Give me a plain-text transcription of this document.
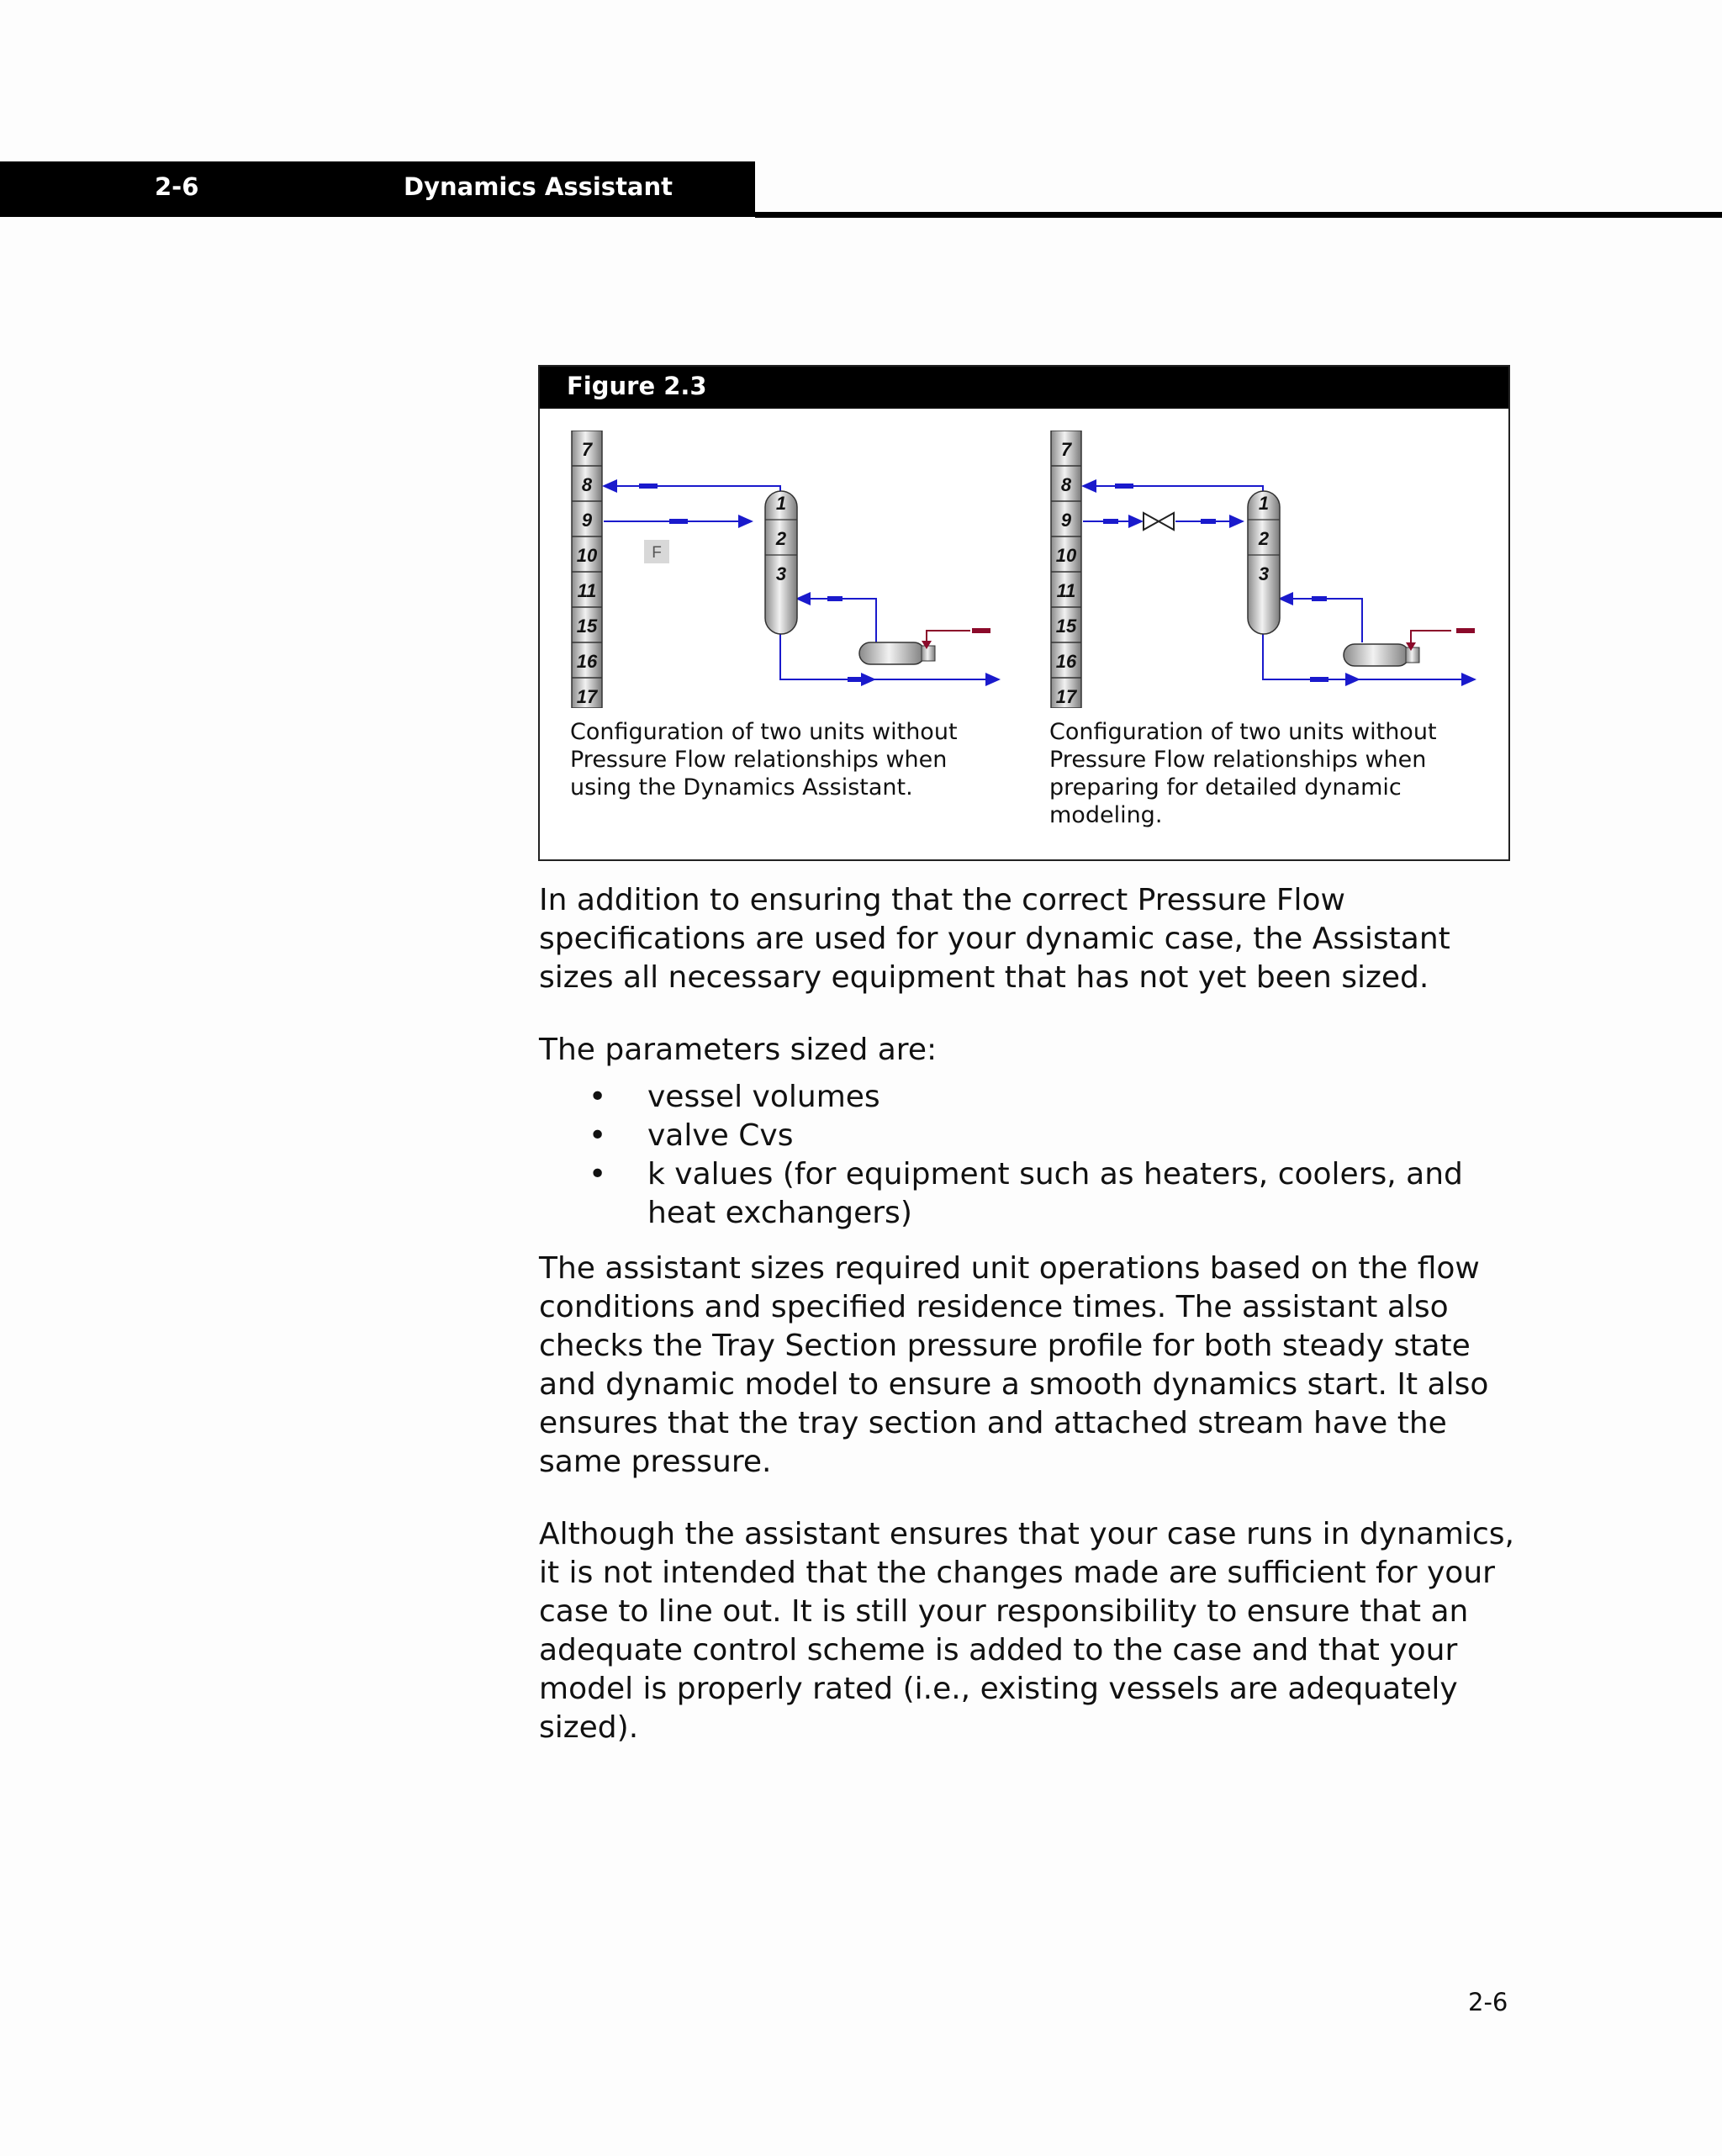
2-6	Dynamics Assistant
Figure 2.3
7
8
9
10
11
15
16
17
F
1
2
3
Configuration of two units without Pressure Flow relationships when using the Dynamics Assistant.
7
8
9
10
11
15
16
17
1
2
3
Configuration of two units without Pressure Flow relationships when preparing for detailed dynamic modeling.

In addition to ensuring that the correct Pressure Flow specifications are used for your dynamic case, the Assistant sizes all necessary equipment that has not yet been sized.

The parameters sized are:

• vessel volumes
• valve Cvs
• k values (for equipment such as heaters, coolers, and heat exchangers)

The assistant sizes required unit operations based on the flow conditions and specified residence times. The assistant also checks the Tray Section pressure profile for both steady state and dynamic model to ensure a smooth dynamics start. It also ensures that the tray section and attached stream have the same pressure.

Although the assistant ensures that your case runs in dynamics, it is not intended that the changes made are sufficient for your case to line out. It is still your responsibility to ensure that an adequate control scheme is added to the case and that your model is properly rated (i.e., existing vessels are adequately sized).

2-6
